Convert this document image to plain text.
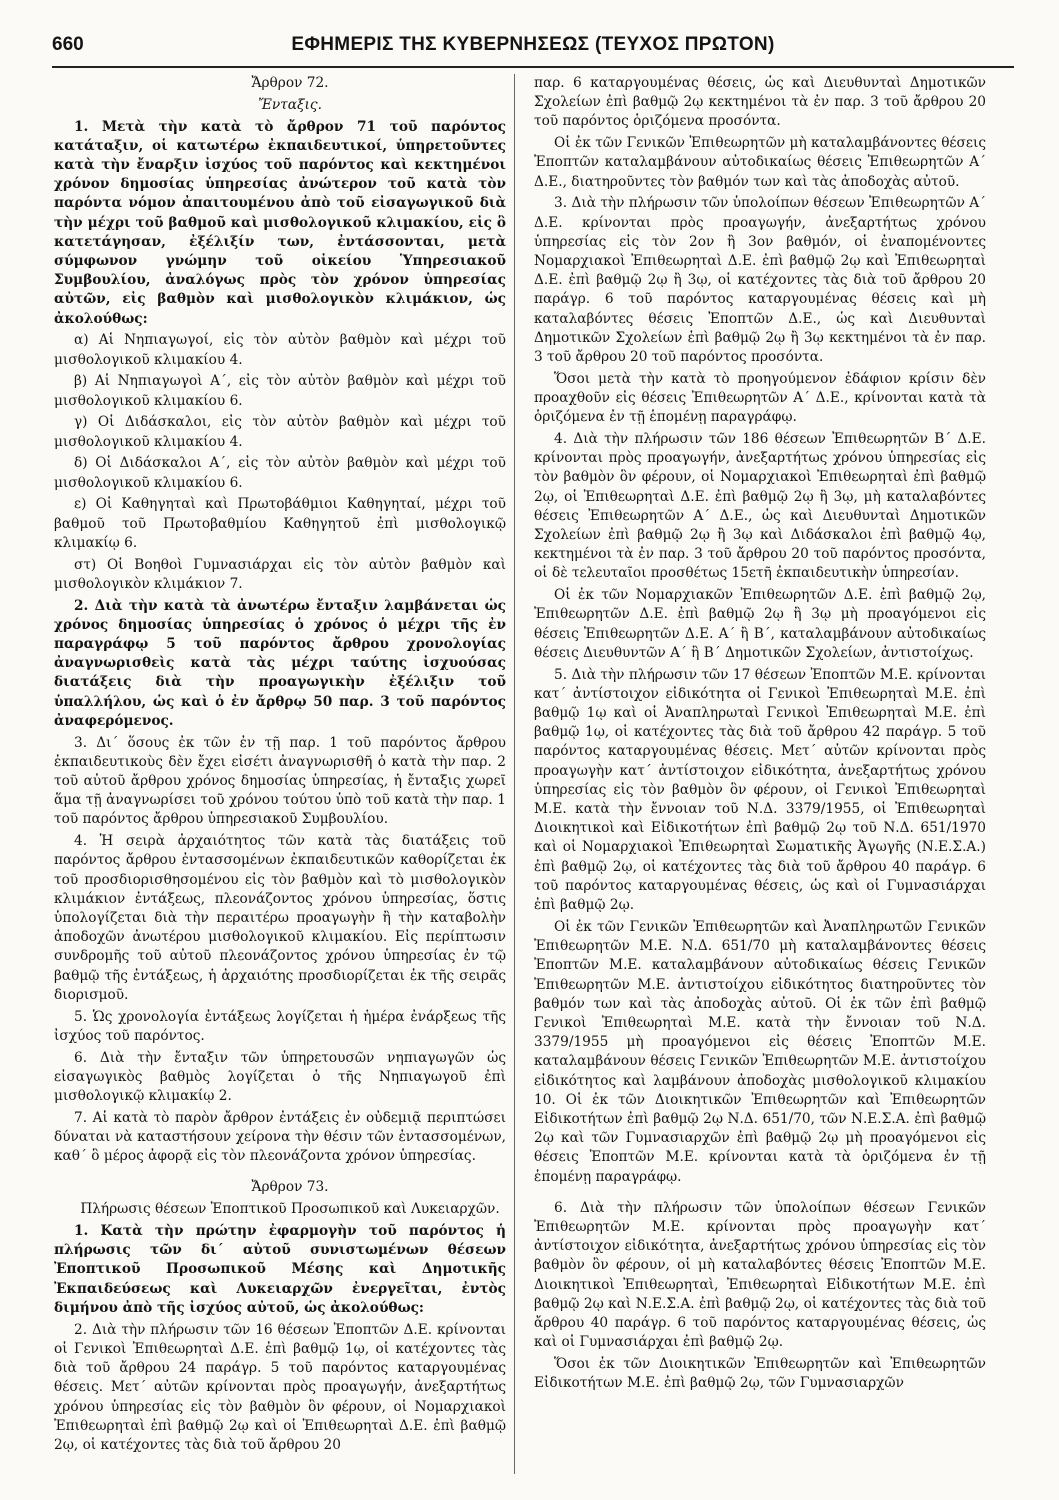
660	ΕΦΗΜΕΡΙΣ ΤΗΣ ΚΥΒΕΡΝΗΣΕΩΣ (ΤΕΥΧΟΣ ΠΡΩΤΟΝ)

Ἄρθρον 72.

Ἔνταξις.

1. Μετὰ τὴν κατὰ τὸ ἄρθρον 71 τοῦ παρόντος κατάταξιν, οἱ κατωτέρω ἐκπαιδευτικοί, ὑπηρετοῦντες κατὰ τὴν ἔναρξιν ἰσχύος τοῦ παρόντος καὶ κεκτημένοι χρόνον δημοσίας ὑπηρεσίας ἀνώτερον τοῦ κατὰ τὸν παρόντα νόμον ἀπαιτουμένου ἀπὸ τοῦ εἰσαγωγικοῦ διὰ τὴν μέχρι τοῦ βαθμοῦ καὶ μισθολογικοῦ κλιμακίου, εἰς ὃ κατετάγησαν, ἐξέλιξίν των, ἐντάσσονται, μετὰ σύμφωνον γνώμην τοῦ οἰκείου Ὑπηρεσιακοῦ Συμβουλίου, ἀναλόγως πρὸς τὸν χρόνον ὑπηρεσίας αὐτῶν, εἰς βαθμὸν καὶ μισθολογικὸν κλιμάκιον, ὡς ἀκολούθως:

α) Αἱ Νηπιαγωγοί, εἰς τὸν αὐτὸν βαθμὸν καὶ μέχρι τοῦ μισθολογικοῦ κλιμακίου 4.

β) Αἱ Νηπιαγωγοὶ Α΄, εἰς τὸν αὐτὸν βαθμὸν καὶ μέχρι τοῦ μισθολογικοῦ κλιμακίου 6.

γ) Οἱ Διδάσκαλοι, εἰς τὸν αὐτὸν βαθμὸν καὶ μέχρι τοῦ μισθολογικοῦ κλιμακίου 4.

δ) Οἱ Διδάσκαλοι Α΄, εἰς τὸν αὐτὸν βαθμὸν καὶ μέχρι τοῦ μισθολογικοῦ κλιμακίου 6.

ε) Οἱ Καθηγηταὶ καὶ Πρωτοβάθμιοι Καθηγηταί, μέχρι τοῦ βαθμοῦ τοῦ Πρωτοβαθμίου Καθηγητοῦ ἐπὶ μισθολογικῷ κλιμακίῳ 6.

στ) Οἱ Βοηθοὶ Γυμνασιάρχαι εἰς τὸν αὐτὸν βαθμὸν καὶ μισθολογικὸν κλιμάκιον 7.

2. Διὰ τὴν κατὰ τὰ ἀνωτέρω ἔνταξιν λαμβάνεται ὡς χρόνος δημοσίας ὑπηρεσίας ὁ χρόνος ὁ μέχρι τῆς ἐν παραγράφῳ 5 τοῦ παρόντος ἄρθρου χρονολογίας ἀναγνωρισθεὶς κατὰ τὰς μέχρι ταύτης ἰσχυούσας διατάξεις διὰ τὴν προαγωγικὴν ἐξέλιξιν τοῦ ὑπαλλήλου, ὡς καὶ ὁ ἐν ἄρθρῳ 50 παρ. 3 τοῦ παρόντος ἀναφερόμενος.

3. Δι΄ ὅσους ἐκ τῶν ἐν τῇ παρ. 1 τοῦ παρόντος ἄρθρου ἐκπαιδευτικοὺς δὲν ἔχει εἰσέτι ἀναγνωρισθῆ ὁ κατὰ τὴν παρ. 2 τοῦ αὐτοῦ ἄρθρου χρόνος δημοσίας ὑπηρεσίας, ἡ ἔνταξις χωρεῖ ἅμα τῇ ἀναγνωρίσει τοῦ χρόνου τούτου ὑπὸ τοῦ κατὰ τὴν παρ. 1 τοῦ παρόντος ἄρθρου ὑπηρεσιακοῦ Συμβουλίου.

4. Ἡ σειρὰ ἀρχαιότητος τῶν κατὰ τὰς διατάξεις τοῦ παρόντος ἄρθρου ἐντασσομένων ἐκπαιδευτικῶν καθορίζεται ἐκ τοῦ προσδιορισθησομένου εἰς τὸν βαθμὸν καὶ τὸ μισθολογικὸν κλιμάκιον ἐντάξεως, πλεονάζοντος χρόνου ὑπηρεσίας, ὅστις ὑπολογίζεται διὰ τὴν περαιτέρω προαγωγὴν ἢ τὴν καταβολὴν ἀποδοχῶν ἀνωτέρου μισθολογικοῦ κλιμακίου. Εἰς περίπτωσιν συνδρομῆς τοῦ αὐτοῦ πλεονάζοντος χρόνου ὑπηρεσίας ἐν τῷ βαθμῷ τῆς ἐντάξεως, ἡ ἀρχαιότης προσδιορίζεται ἐκ τῆς σειρᾶς διορισμοῦ.

5. Ὡς χρονολογία ἐντάξεως λογίζεται ἡ ἡμέρα ἐνάρξεως τῆς ἰσχύος τοῦ παρόντος.

6. Διὰ τὴν ἔνταξιν τῶν ὑπηρετουσῶν νηπιαγωγῶν ὡς εἰσαγωγικὸς βαθμὸς λογίζεται ὁ τῆς Νηπιαγωγοῦ ἐπὶ μισθολογικῷ κλιμακίῳ 2.

7. Αἱ κατὰ τὸ παρὸν ἄρθρον ἐντάξεις ἐν οὐδεμιᾷ περιπτώσει δύναται νὰ καταστήσουν χείρονα τὴν θέσιν τῶν ἐντασσομένων, καθ΄ ὃ μέρος ἀφορᾷ εἰς τὸν πλεονάζοντα χρόνον ὑπηρεσίας.

Ἄρθρον 73.

Πλήρωσις θέσεων Ἐποπτικοῦ Προσωπικοῦ καὶ Λυκειαρχῶν.

1. Κατὰ τὴν πρώτην ἐφαρμογὴν τοῦ παρόντος ἡ πλήρωσις τῶν δι΄ αὐτοῦ συνιστωμένων θέσεων Ἐποπτικοῦ Προσωπικοῦ Μέσης καὶ Δημοτικῆς Ἐκπαιδεύσεως καὶ Λυκειαρχῶν ἐνεργεῖται, ἐντὸς διμήνου ἀπὸ τῆς ἰσχύος αὐτοῦ, ὡς ἀκολούθως:

2. Διὰ τὴν πλήρωσιν τῶν 16 θέσεων Ἐποπτῶν Δ.Ε. κρίνονται οἱ Γενικοὶ Ἐπιθεωρηταὶ Δ.Ε. ἐπὶ βαθμῷ 1ῳ, οἱ κατέχοντες τὰς διὰ τοῦ ἄρθρου 24 παράγρ. 5 τοῦ παρόντος καταργουμένας θέσεις. Μετ΄ αὐτῶν κρίνονται πρὸς προαγωγήν, ἀνεξαρτήτως χρόνου ὑπηρεσίας εἰς τὸν βαθμὸν ὃν φέρουν, οἱ Νομαρχιακοὶ Ἐπιθεωρηταὶ ἐπὶ βαθμῷ 2ῳ καὶ οἱ Ἐπιθεωρηταὶ Δ.Ε. ἐπὶ βαθμῷ 2ῳ, οἱ κατέχοντες τὰς διὰ τοῦ ἄρθρου 20

παρ. 6 καταργουμένας θέσεις, ὡς καὶ Διευθυνταὶ Δημοτικῶν Σχολείων ἐπὶ βαθμῷ 2ῳ κεκτημένοι τὰ ἐν παρ. 3 τοῦ ἄρθρου 20 τοῦ παρόντος ὁριζόμενα προσόντα.

Οἱ ἐκ τῶν Γενικῶν Ἐπιθεωρητῶν μὴ καταλαμβάνοντες θέσεις Ἐποπτῶν καταλαμβάνουν αὐτοδικαίως θέσεις Ἐπιθεωρητῶν Α΄ Δ.Ε., διατηροῦντες τὸν βαθμόν των καὶ τὰς ἀποδοχὰς αὐτοῦ.

3. Διὰ τὴν πλήρωσιν τῶν ὑπολοίπων θέσεων Ἐπιθεωρητῶν Α΄ Δ.Ε. κρίνονται πρὸς προαγωγήν, ἀνεξαρτήτως χρόνου ὑπηρεσίας εἰς τὸν 2ον ἢ 3ον βαθμόν, οἱ ἐναπομένοντες Νομαρχιακοὶ Ἐπιθεωρηταὶ Δ.Ε. ἐπὶ βαθμῷ 2ῳ καὶ Ἐπιθεωρηταὶ Δ.Ε. ἐπὶ βαθμῷ 2ῳ ἢ 3ῳ, οἱ κατέχοντες τὰς διὰ τοῦ ἄρθρου 20 παράγρ. 6 τοῦ παρόντος καταργουμένας θέσεις καὶ μὴ καταλαβόντες θέσεις Ἐποπτῶν Δ.Ε., ὡς καὶ Διευθυνταὶ Δημοτικῶν Σχολείων ἐπὶ βαθμῷ 2ῳ ἢ 3ῳ κεκτημένοι τὰ ἐν παρ. 3 τοῦ ἄρθρου 20 τοῦ παρόντος προσόντα.

Ὅσοι μετὰ τὴν κατὰ τὸ προηγούμενον ἐδάφιον κρίσιν δὲν προαχθοῦν εἰς θέσεις Ἐπιθεωρητῶν Α΄ Δ.Ε., κρίνονται κατὰ τὰ ὁριζόμενα ἐν τῇ ἑπομένῃ παραγράφῳ.

4. Διὰ τὴν πλήρωσιν τῶν 186 θέσεων Ἐπιθεωρητῶν Β΄ Δ.Ε. κρίνονται πρὸς προαγωγήν, ἀνεξαρτήτως χρόνου ὑπηρεσίας εἰς τὸν βαθμὸν ὃν φέρουν, οἱ Νομαρχιακοὶ Ἐπιθεωρηταὶ ἐπὶ βαθμῷ 2ῳ, οἱ Ἐπιθεωρηταὶ Δ.Ε. ἐπὶ βαθμῷ 2ῳ ἢ 3ῳ, μὴ καταλαβόντες θέσεις Ἐπιθεωρητῶν Α΄ Δ.Ε., ὡς καὶ Διευθυνταὶ Δημοτικῶν Σχολείων ἐπὶ βαθμῷ 2ῳ ἢ 3ῳ καὶ Διδάσκαλοι ἐπὶ βαθμῷ 4ῳ, κεκτημένοι τὰ ἐν παρ. 3 τοῦ ἄρθρου 20 τοῦ παρόντος προσόντα, οἱ δὲ τελευταῖοι προσθέτως 15ετῆ ἐκπαιδευτικὴν ὑπηρεσίαν.

Οἱ ἐκ τῶν Νομαρχιακῶν Ἐπιθεωρητῶν Δ.Ε. ἐπὶ βαθμῷ 2ῳ, Ἐπιθεωρητῶν Δ.Ε. ἐπὶ βαθμῷ 2ῳ ἢ 3ῳ μὴ προαγόμενοι εἰς θέσεις Ἐπιθεωρητῶν Δ.Ε. Α΄ ἢ Β΄, καταλαμβάνουν αὐτοδικαίως θέσεις Διευθυντῶν Α΄ ἢ Β΄ Δημοτικῶν Σχολείων, ἀντιστοίχως.

5. Διὰ τὴν πλήρωσιν τῶν 17 θέσεων Ἐποπτῶν Μ.Ε. κρίνονται κατ΄ ἀντίστοιχον εἰδικότητα οἱ Γενικοὶ Ἐπιθεωρηταὶ Μ.Ε. ἐπὶ βαθμῷ 1ῳ καὶ οἱ Ἀναπληρωταὶ Γενικοὶ Ἐπιθεωρηταὶ Μ.Ε. ἐπὶ βαθμῷ 1ῳ, οἱ κατέχοντες τὰς διὰ τοῦ ἄρθρου 42 παράγρ. 5 τοῦ παρόντος καταργουμένας θέσεις. Μετ΄ αὐτῶν κρίνονται πρὸς προαγωγὴν κατ΄ ἀντίστοιχον εἰδικότητα, ἀνεξαρτήτως χρόνου ὑπηρεσίας εἰς τὸν βαθμὸν ὃν φέρουν, οἱ Γενικοὶ Ἐπιθεωρηταὶ Μ.Ε. κατὰ τὴν ἔννοιαν τοῦ Ν.Δ. 3379/1955, οἱ Ἐπιθεωρηταὶ Διοικητικοὶ καὶ Εἰδικοτήτων ἐπὶ βαθμῷ 2ῳ τοῦ Ν.Δ. 651/1970 καὶ οἱ Νομαρχιακοὶ Ἐπιθεωρηταὶ Σωματικῆς Ἀγωγῆς (Ν.Ε.Σ.Α.) ἐπὶ βαθμῷ 2ῳ, οἱ κατέχοντες τὰς διὰ τοῦ ἄρθρου 40 παράγρ. 6 τοῦ παρόντος καταργουμένας θέσεις, ὡς καὶ οἱ Γυμνασιάρχαι ἐπὶ βαθμῷ 2ῳ.

Οἱ ἐκ τῶν Γενικῶν Ἐπιθεωρητῶν καὶ Ἀναπληρωτῶν Γενικῶν Ἐπιθεωρητῶν Μ.Ε. Ν.Δ. 651/70 μὴ καταλαμβάνοντες θέσεις Ἐποπτῶν Μ.Ε. καταλαμβάνουν αὐτοδικαίως θέσεις Γενικῶν Ἐπιθεωρητῶν Μ.Ε. ἀντιστοίχου εἰδικότητος διατηροῦντες τὸν βαθμόν των καὶ τὰς ἀποδοχὰς αὐτοῦ. Οἱ ἐκ τῶν ἐπὶ βαθμῷ Γενικοὶ Ἐπιθεωρηταὶ Μ.Ε. κατὰ τὴν ἔννοιαν τοῦ Ν.Δ. 3379/1955 μὴ προαγόμενοι εἰς θέσεις Ἐποπτῶν Μ.Ε. καταλαμβάνουν θέσεις Γενικῶν Ἐπιθεωρητῶν Μ.Ε. ἀντιστοίχου εἰδικότητος καὶ λαμβάνουν ἀποδοχὰς μισθολογικοῦ κλιμακίου 10. Οἱ ἐκ τῶν Διοικητικῶν Ἐπιθεωρητῶν καὶ Ἐπιθεωρητῶν Εἰδικοτήτων ἐπὶ βαθμῷ 2ῳ Ν.Δ. 651/70, τῶν Ν.Ε.Σ.Α. ἐπὶ βαθμῷ 2ῳ καὶ τῶν Γυμνασιαρχῶν ἐπὶ βαθμῷ 2ῳ μὴ προαγόμενοι εἰς θέσεις Ἐποπτῶν Μ.Ε. κρίνονται κατὰ τὰ ὁριζόμενα ἐν τῇ ἑπομένῃ παραγράφῳ.

6. Διὰ τὴν πλήρωσιν τῶν ὑπολοίπων θέσεων Γενικῶν Ἐπιθεωρητῶν Μ.Ε. κρίνονται πρὸς προαγωγὴν κατ΄ ἀντίστοιχον εἰδικότητα, ἀνεξαρτήτως χρόνου ὑπηρεσίας εἰς τὸν βαθμὸν ὃν φέρουν, οἱ μὴ καταλαβόντες θέσεις Ἐποπτῶν Μ.Ε. Διοικητικοὶ Ἐπιθεωρηταὶ, Ἐπιθεωρηταὶ Εἰδικοτήτων Μ.Ε. ἐπὶ βαθμῷ 2ῳ καὶ Ν.Ε.Σ.Α. ἐπὶ βαθμῷ 2ῳ, οἱ κατέχοντες τὰς διὰ τοῦ ἄρθρου 40 παράγρ. 6 τοῦ παρόντος καταργουμένας θέσεις, ὡς καὶ οἱ Γυμνασιάρχαι ἐπὶ βαθμῷ 2ῳ.

Ὅσοι ἐκ τῶν Διοικητικῶν Ἐπιθεωρητῶν καὶ Ἐπιθεωρητῶν Εἰδικοτήτων Μ.Ε. ἐπὶ βαθμῷ 2ῳ, τῶν Γυμνασιαρχῶν
